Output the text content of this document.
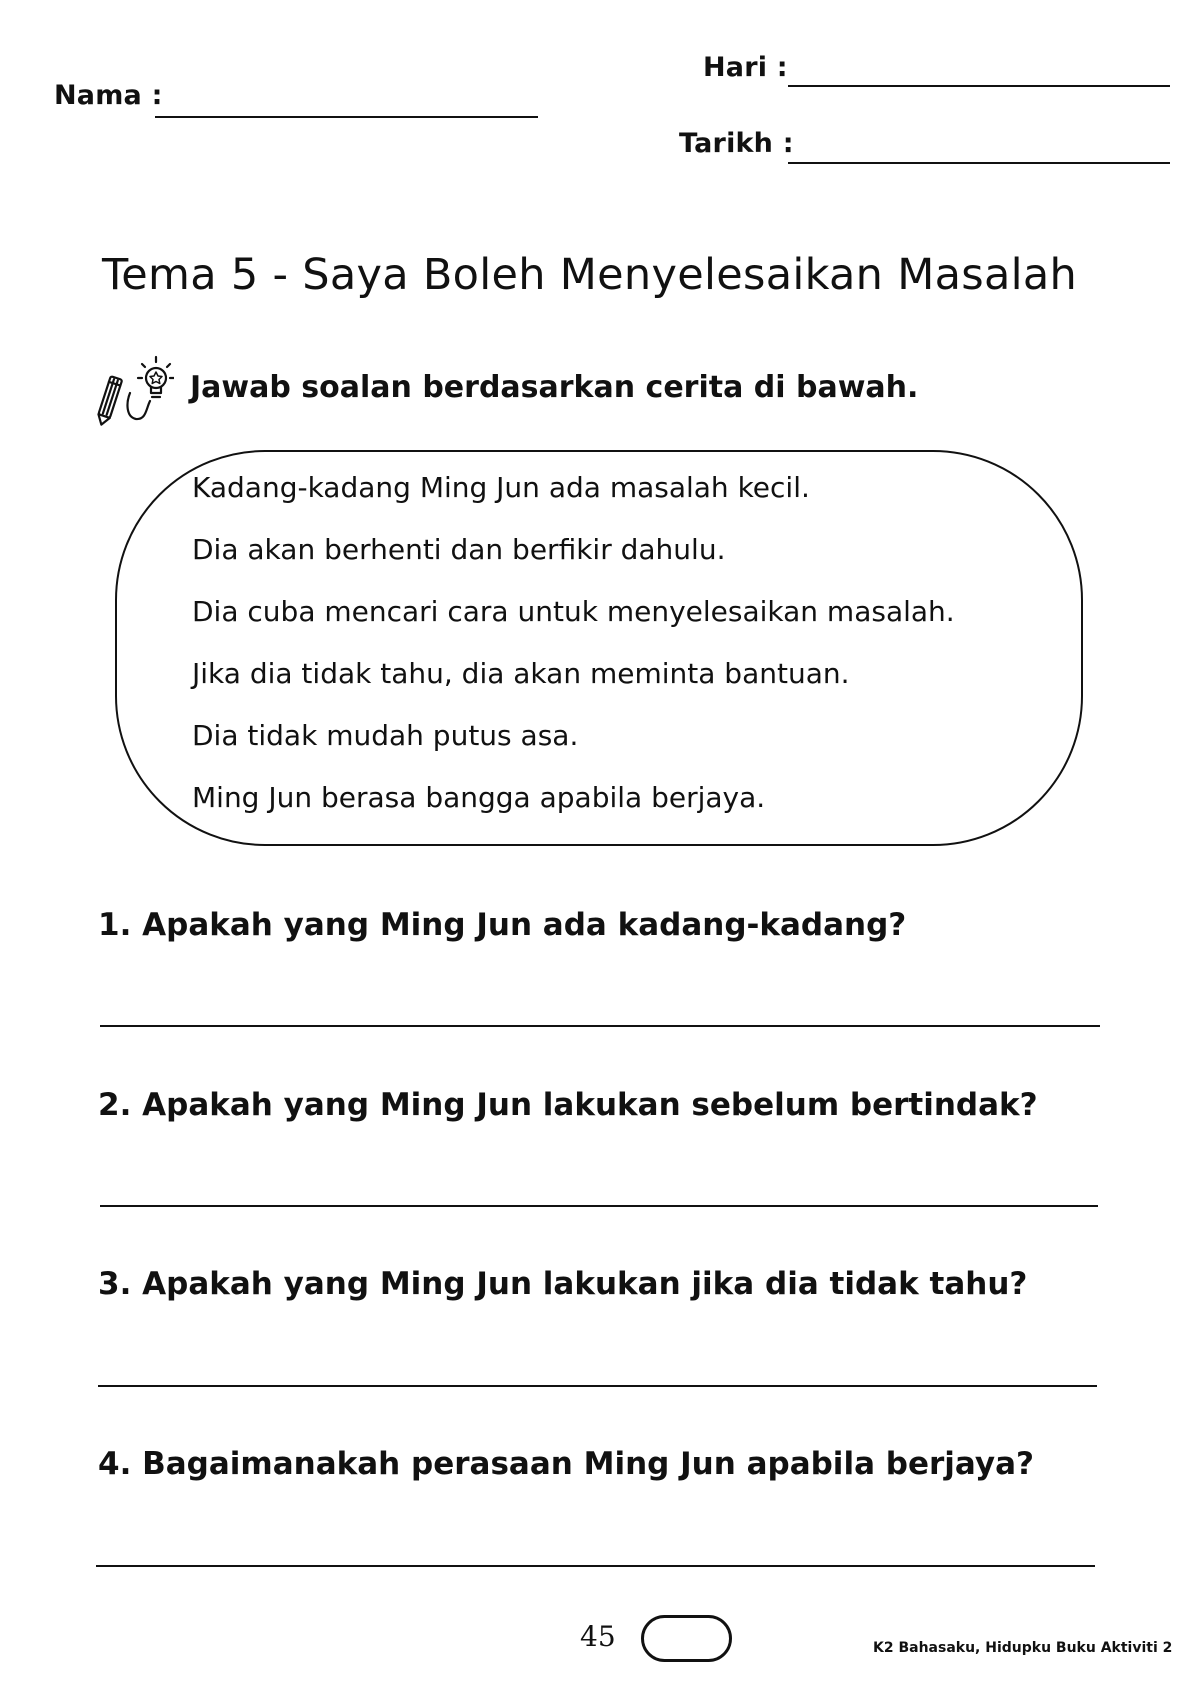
Nama :
Hari :
Tarikh :
Tema 5 - Saya Boleh Menyelesaikan Masalah
Jawab soalan berdasarkan cerita di bawah.
Kadang-kadang Ming Jun ada masalah kecil.
Dia akan berhenti dan berfikir dahulu.
Dia cuba mencari cara untuk menyelesaikan masalah.
Jika dia tidak tahu, dia akan meminta bantuan.
Dia tidak mudah putus asa.
Ming Jun berasa bangga apabila berjaya.
1. Apakah yang Ming Jun ada kadang-kadang?
2. Apakah yang Ming Jun lakukan sebelum bertindak?
3. Apakah yang Ming Jun lakukan jika dia tidak tahu?
4. Bagaimanakah perasaan Ming Jun apabila berjaya?
45	K2 Bahasaku, Hidupku Buku Aktiviti 2
